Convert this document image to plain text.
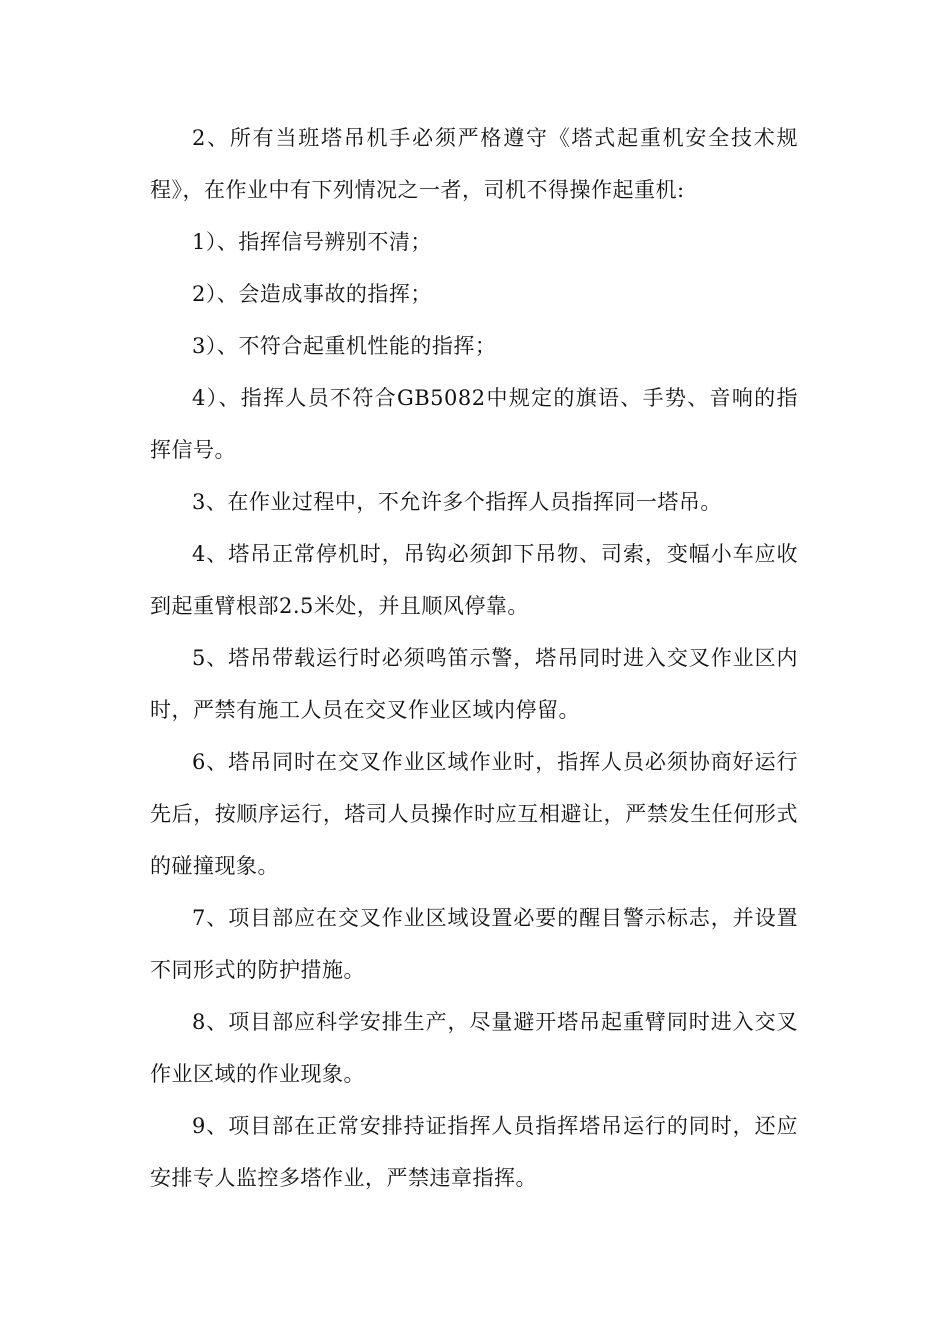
2、所有当班塔吊机手必须严格遵守《塔式起重机安全技术规程》，在作业中有下列情况之一者，司机不得操作起重机:

1）、指挥信号辨别不清；

2）、会造成事故的指挥；

3）、不符合起重机性能的指挥；

4）、指挥人员不符合GB5082中规定的旗语、手势、音响的指挥信号。

3、在作业过程中，不允许多个指挥人员指挥同一塔吊。

4、塔吊正常停机时，吊钩必须卸下吊物、司索，变幅小车应收到起重臂根部2.5米处，并且顺风停靠。

5、塔吊带载运行时必须鸣笛示警，塔吊同时进入交叉作业区内时，严禁有施工人员在交叉作业区域内停留。

6、塔吊同时在交叉作业区域作业时，指挥人员必须协商好运行先后，按顺序运行，塔司人员操作时应互相避让，严禁发生任何形式的碰撞现象。

7、项目部应在交叉作业区域设置必要的醒目警示标志，并设置不同形式的防护措施。

8、项目部应科学安排生产，尽量避开塔吊起重臂同时进入交叉作业区域的作业现象。

9、项目部在正常安排持证指挥人员指挥塔吊运行的同时，还应安排专人监控多塔作业，严禁违章指挥。
